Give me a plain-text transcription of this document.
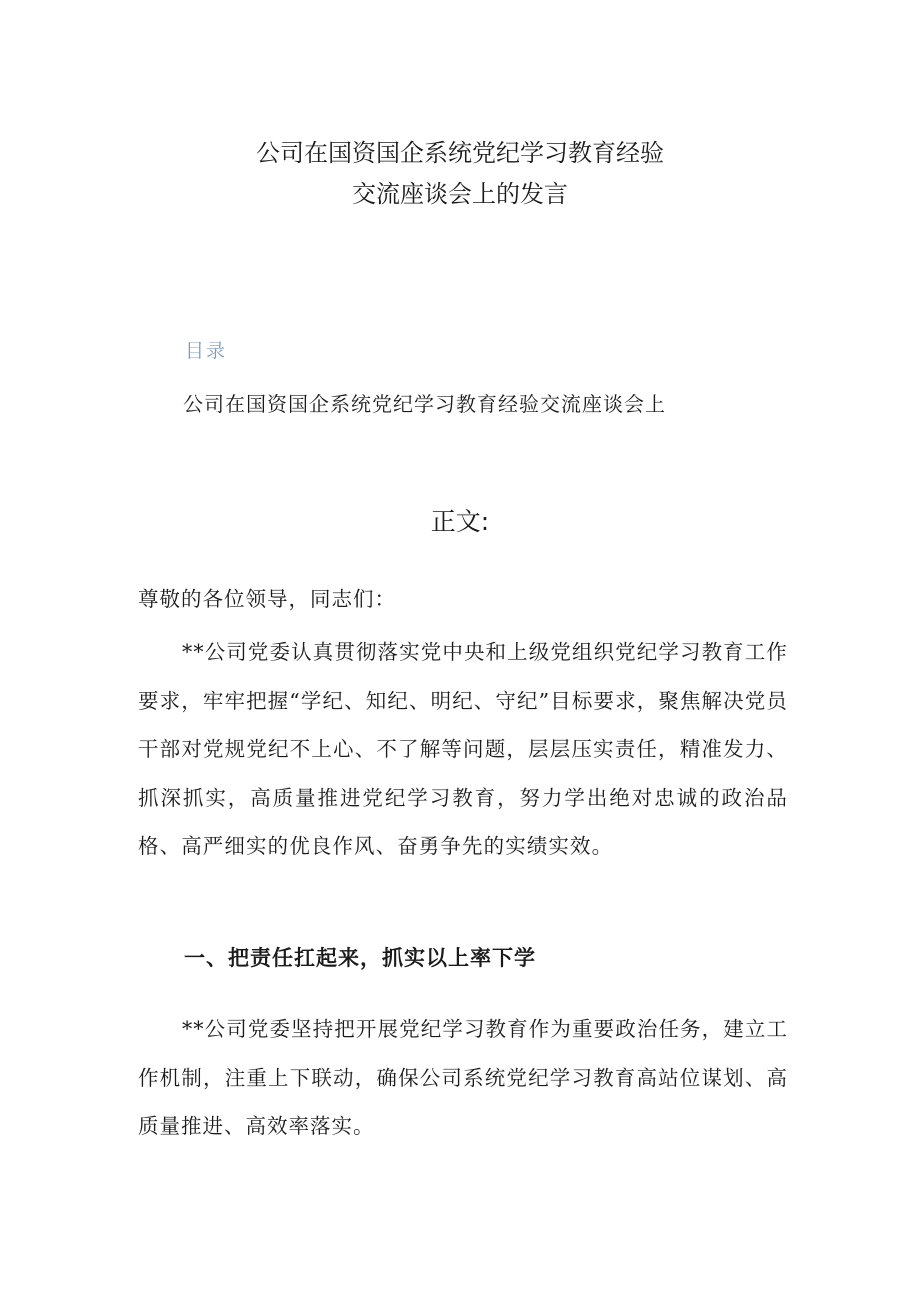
公司在国资国企系统党纪学习教育经验
交流座谈会上的发言
目录
公司在国资国企系统党纪学习教育经验交流座谈会上
正文:
尊敬的各位领导，同志们：
**公司党委认真贯彻落实党中央和上级党组织党纪学习教育工作要求，牢牢把握“学纪、知纪、明纪、守纪”目标要求，聚焦解决党员干部对党规党纪不上心、不了解等问题，层层压实责任，精准发力、抓深抓实，高质量推进党纪学习教育，努力学出绝对忠诚的政治品格、高严细实的优良作风、奋勇争先的实绩实效。
一、把责任扛起来，抓实以上率下学
**公司党委坚持把开展党纪学习教育作为重要政治任务，建立工作机制，注重上下联动，确保公司系统党纪学习教育高站位谋划、高质量推进、高效率落实。
